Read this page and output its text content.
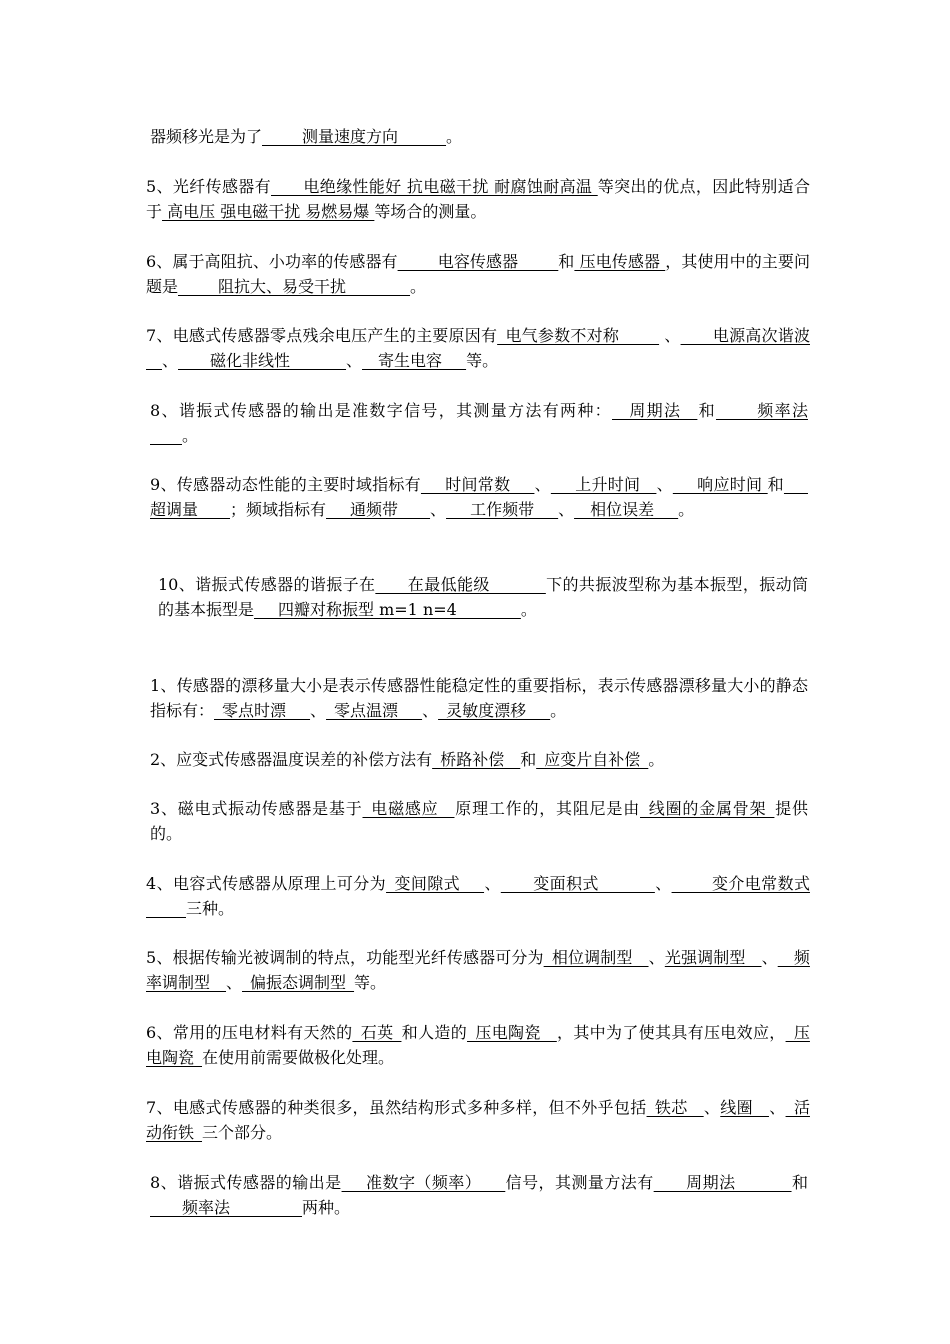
器频移光是为了_____测量速度方向______。

5、光纤传感器有____电绝缘性能好 抗电磁干扰 耐腐蚀耐高温 等突出的优点，因此特别适合于 高电压 强电磁干扰 易燃易爆 等场合的测量。

6、属于高阻抗、小功率的传感器有_____电容传感器_____和 压电传感器 ，其使用中的主要问题是_____阻抗大、易受干扰________。

7、电感式传感器零点残余电压产生的主要原因有_电气参数不对称_____ 、____电源高次谐波 __、____磁化非线性_______、__寄生电容___等。

8、谐振式传感器的输出是准数字信号，其测量方法有两种：__周期法__和_____频率法____。

9、传感器动态性能的主要时域指标有___时间常数___、___上升时间__、___响应时间 和___超调量____；频域指标有___通频带____、___工作频带___、__相位误差___。

10、谐振式传感器的谐振子在____在最低能级_______下的共振波型称为基本振型，振动筒的基本振型是___四瓣对称振型 m=1 n=4________。

1、传感器的漂移量大小是表示传感器性能稳定性的重要指标，表示传感器漂移量大小的静态指标有：_零点时漂___、_零点温漂___、_灵敏度漂移___。

2、应变式传感器温度误差的补偿方法有_桥路补偿__和_应变片自补偿_。

3、磁电式振动传感器是基于_电磁感应__原理工作的，其阻尼是由_线圈的金属骨架_提供的。

4、电容式传感器从原理上可分为_变间隙式___、____变面积式_______、_____变介电常数式_____三种。

5、根据传输光被调制的特点，功能型光纤传感器可分为_相位调制型__、光强调制型__、__频率调制型__、_偏振态调制型_等。

6、常用的压电材料有天然的_石英_和人造的_压电陶瓷__，其中为了使其具有压电效应，_压电陶瓷_在使用前需要做极化处理。

7、电感式传感器的种类很多，虽然结构形式多种多样，但不外乎包括_铁芯__、线圈__、_活动衔铁_三个部分。

8、谐振式传感器的输出是___准数字（频率）___信号，其测量方法有____周期法_______和____频率法_________两种。
